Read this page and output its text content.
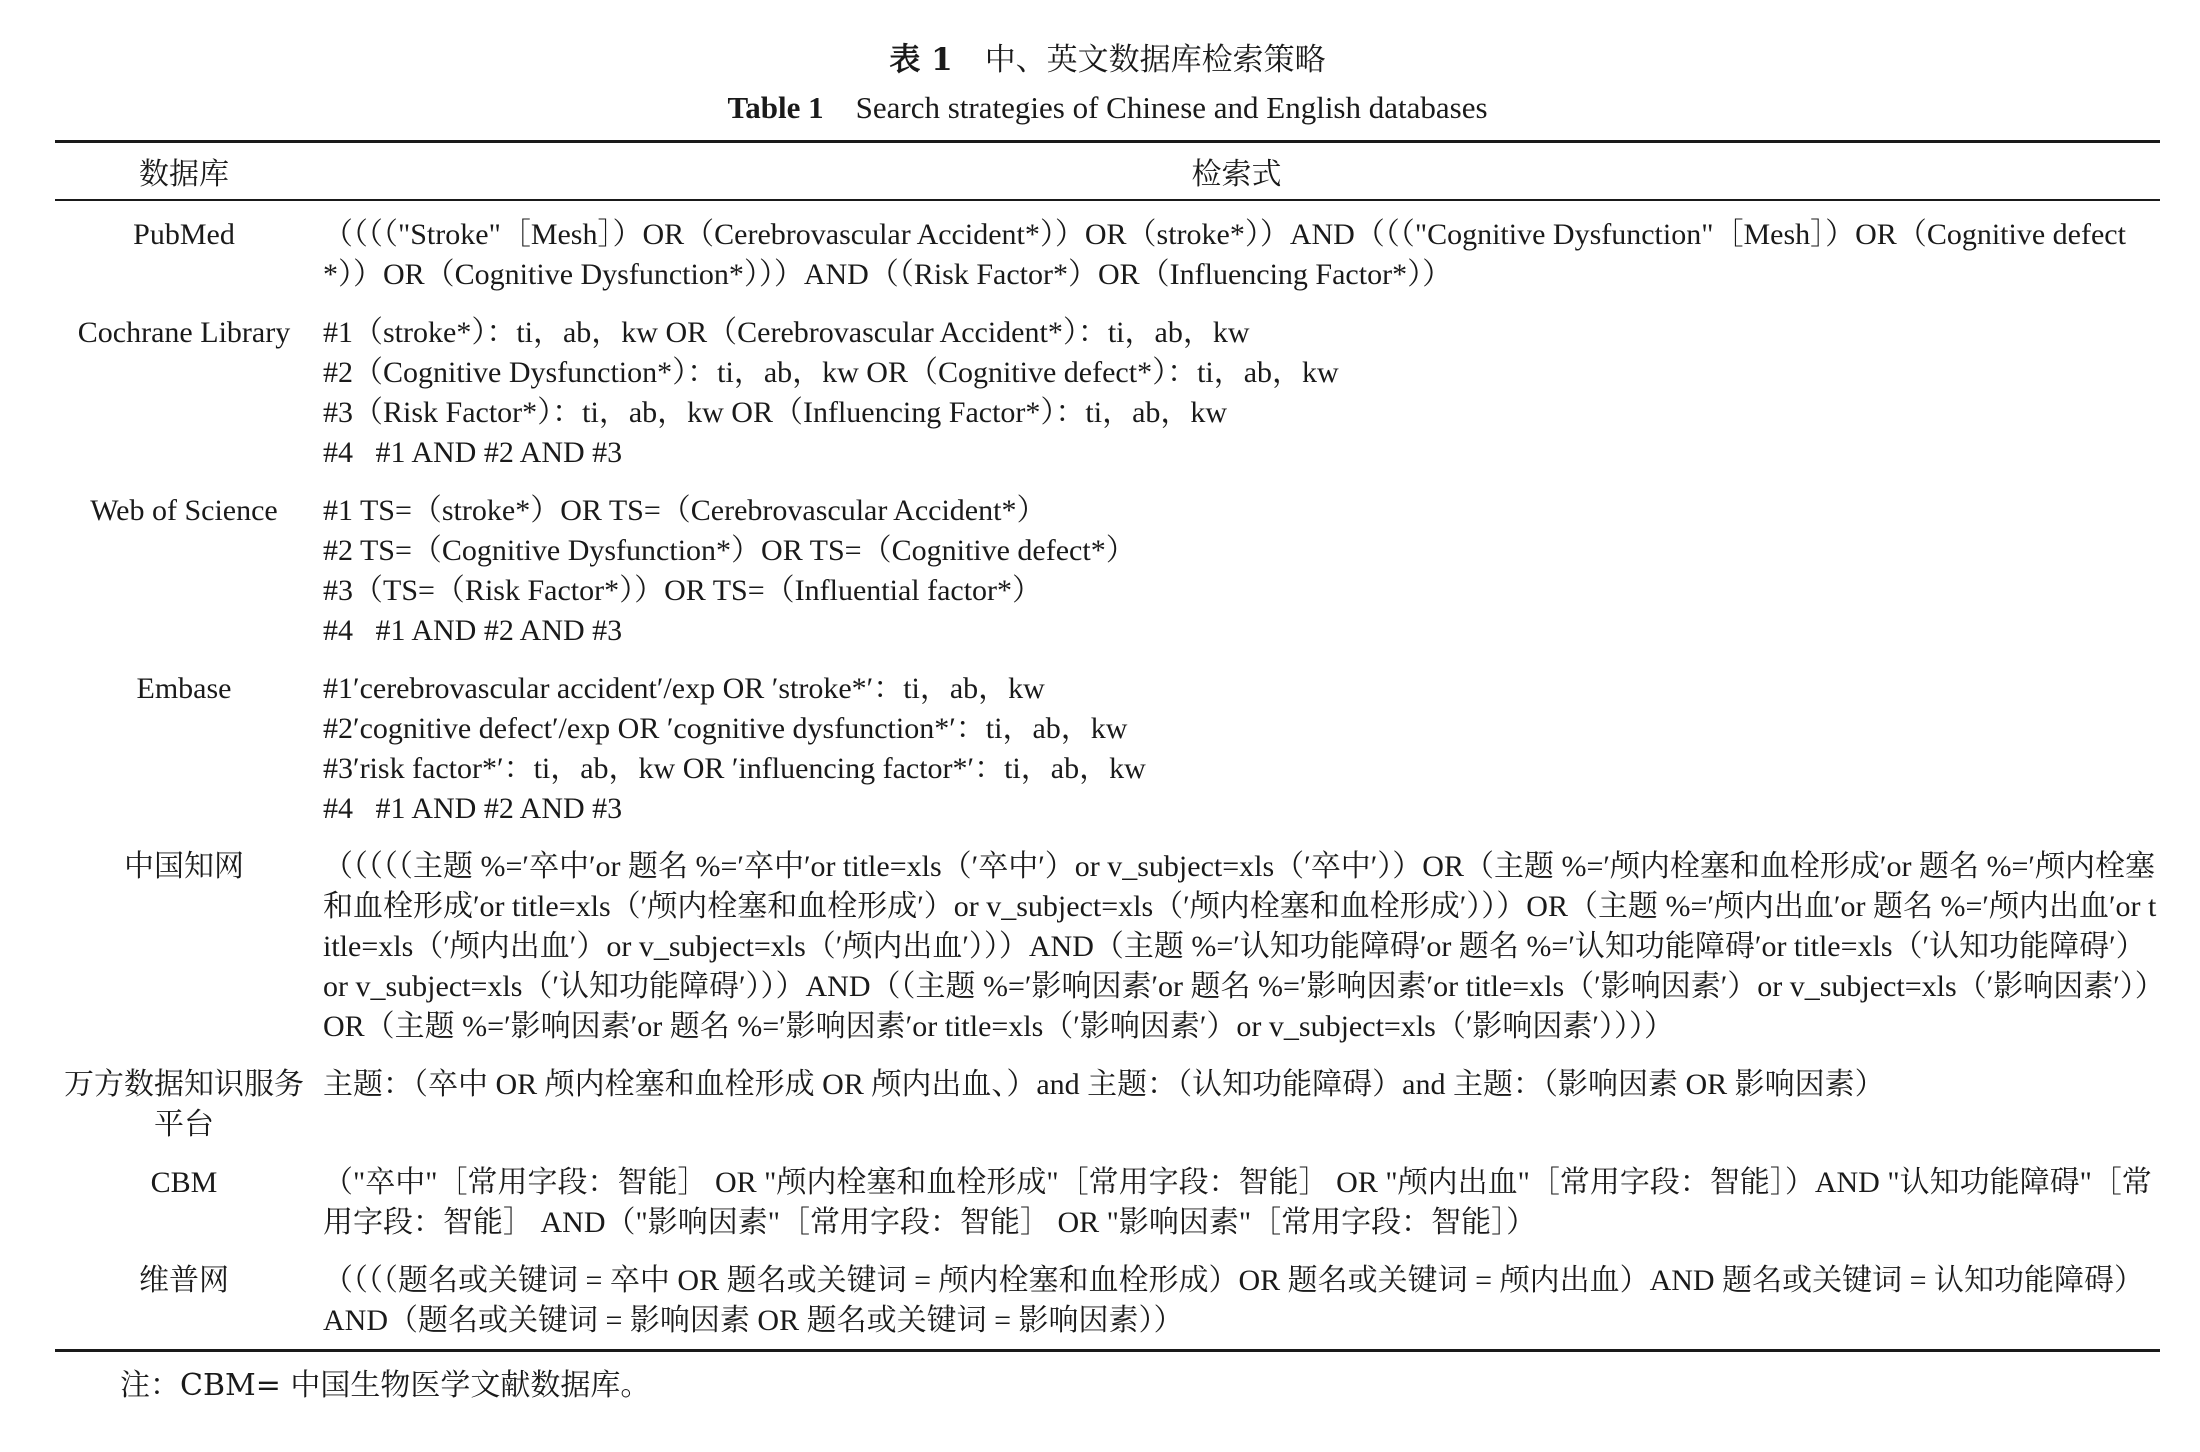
表 1 中、英文数据库检索策略
Table 1 Search strategies of Chinese and English databases
数据库	检索式
PubMed	（（（（"Stroke"［Mesh］）OR（Cerebrovascular Accident*））OR（stroke*））AND（（（"Cognitive Dysfunction"［Mesh］）OR（Cognitive defect*））OR（Cognitive Dysfunction*）））AND（（Risk Factor*）OR（Influencing Factor*））

Cochrane Library	#1（stroke*）：ti，ab，kw OR（Cerebrovascular Accident*）：ti，ab，kw
#2（Cognitive Dysfunction*）：ti，ab，kw OR（Cognitive defect*）：ti，ab，kw
#3（Risk Factor*）：ti，ab，kw OR（Influencing Factor*）：ti，ab，kw
#4   #1 AND #2 AND #3

Web of Science	#1 TS=（stroke*）OR TS=（Cerebrovascular Accident*）
#2 TS=（Cognitive Dysfunction*）OR TS=（Cognitive defect*）
#3（TS=（Risk Factor*））OR TS=（Influential factor*）
#4   #1 AND #2 AND #3

Embase	#1′cerebrovascular accident′/exp OR ′stroke*′：ti，ab，kw
#2′cognitive defect′/exp OR ′cognitive dysfunction*′：ti，ab，kw
#3′risk factor*′：ti，ab，kw OR ′influencing factor*′：ti，ab，kw
#4   #1 AND #2 AND #3

中国知网	（（（（（主题 %=′卒中′or 题名 %=′卒中′or title=xls（′卒中′）or v_subject=xls（′卒中′））OR（主题 %=′颅内栓塞和血栓形成′or 题名 %=′颅内栓塞和血栓形成′or title=xls（′颅内栓塞和血栓形成′）or v_subject=xls（′颅内栓塞和血栓形成′）））OR（主题 %=′颅内出血′or 题名 %=′颅内出血′or title=xls（′颅内出血′）or v_subject=xls（′颅内出血′）））AND（主题 %=′认知功能障碍′or 题名 %=′认知功能障碍′or title=xls（′认知功能障碍′）or v_subject=xls（′认知功能障碍′）））AND（（主题 %=′影响因素′or 题名 %=′影响因素′or title=xls（′影响因素′）or v_subject=xls（′影响因素′））OR（主题 %=′影响因素′or 题名 %=′影响因素′or title=xls（′影响因素′）or v_subject=xls（′影响因素′））））

万方数据知识服务平台	主题：（卒中 OR 颅内栓塞和血栓形成 OR 颅内出血、）and 主题：（认知功能障碍）and 主题：（影响因素 OR 影响因素）

CBM	（"卒中"［常用字段：智能］ OR "颅内栓塞和血栓形成"［常用字段：智能］ OR "颅内出血"［常用字段：智能］）AND "认知功能障碍"［常用字段：智能］ AND（"影响因素"［常用字段：智能］ OR "影响因素"［常用字段：智能］）

维普网	（（（（题名或关键词 = 卒中 OR 题名或关键词 = 颅内栓塞和血栓形成）OR 题名或关键词 = 颅内出血）AND 题名或关键词 = 认知功能障碍）AND（题名或关键词 = 影响因素 OR 题名或关键词 = 影响因素））
注：CBM= 中国生物医学文献数据库。
